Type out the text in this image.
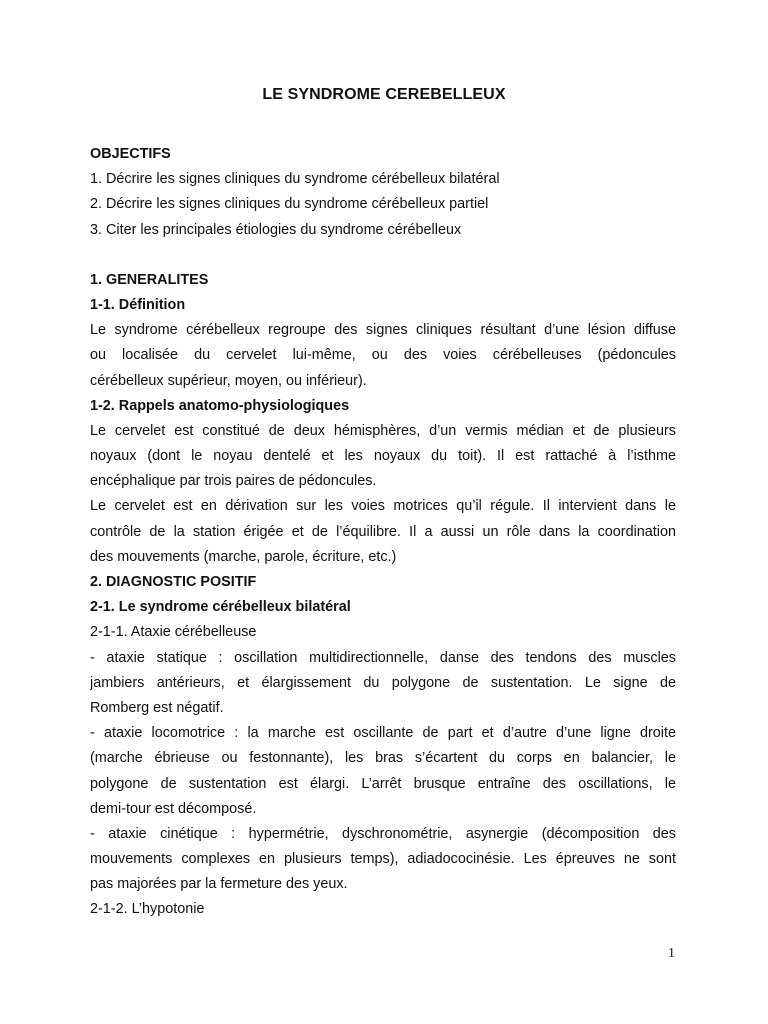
LE SYNDROME CEREBELLEUX
OBJECTIFS
1. Décrire les signes cliniques du syndrome cérébelleux bilatéral
2. Décrire les signes cliniques du syndrome cérébelleux partiel
3. Citer les principales étiologies du syndrome cérébelleux
1. GENERALITES
1-1. Définition
Le syndrome cérébelleux regroupe des signes cliniques résultant d’une lésion diffuse
ou localisée du cervelet lui-même, ou des voies cérébelleuses (pédoncules
cérébelleux supérieur, moyen, ou inférieur).
1-2. Rappels anatomo-physiologiques
Le cervelet est constitué de deux hémisphères, d’un vermis médian et de plusieurs
noyaux (dont le noyau dentelé et les noyaux du toit). Il est rattaché à l’isthme
encéphalique par trois paires de pédoncules.
Le cervelet est en dérivation sur les voies motrices qu’il régule. Il intervient dans le
contrôle de la station érigée et de l’équilibre. Il a aussi un rôle dans la coordination
des mouvements (marche, parole, écriture, etc.)
2. DIAGNOSTIC POSITIF
2-1. Le syndrome cérébelleux bilatéral
2-1-1. Ataxie cérébelleuse
- ataxie statique : oscillation multidirectionnelle, danse des tendons des muscles
jambiers antérieurs, et élargissement du polygone de sustentation. Le signe de
Romberg est négatif.
- ataxie locomotrice : la marche est oscillante de part et d’autre d’une ligne droite
(marche ébrieuse ou festonnante), les bras s’écartent du corps en balancier, le
polygone de sustentation est élargi. L’arrêt brusque entraîne des oscillations, le
demi-tour est décomposé.
- ataxie cinétique : hypermétrie, dyschronométrie, asynergie (décomposition des
mouvements complexes en plusieurs temps), adiadococinésie. Les épreuves ne sont
pas majorées par la fermeture des yeux.
2-1-2. L’hypotonie
1
